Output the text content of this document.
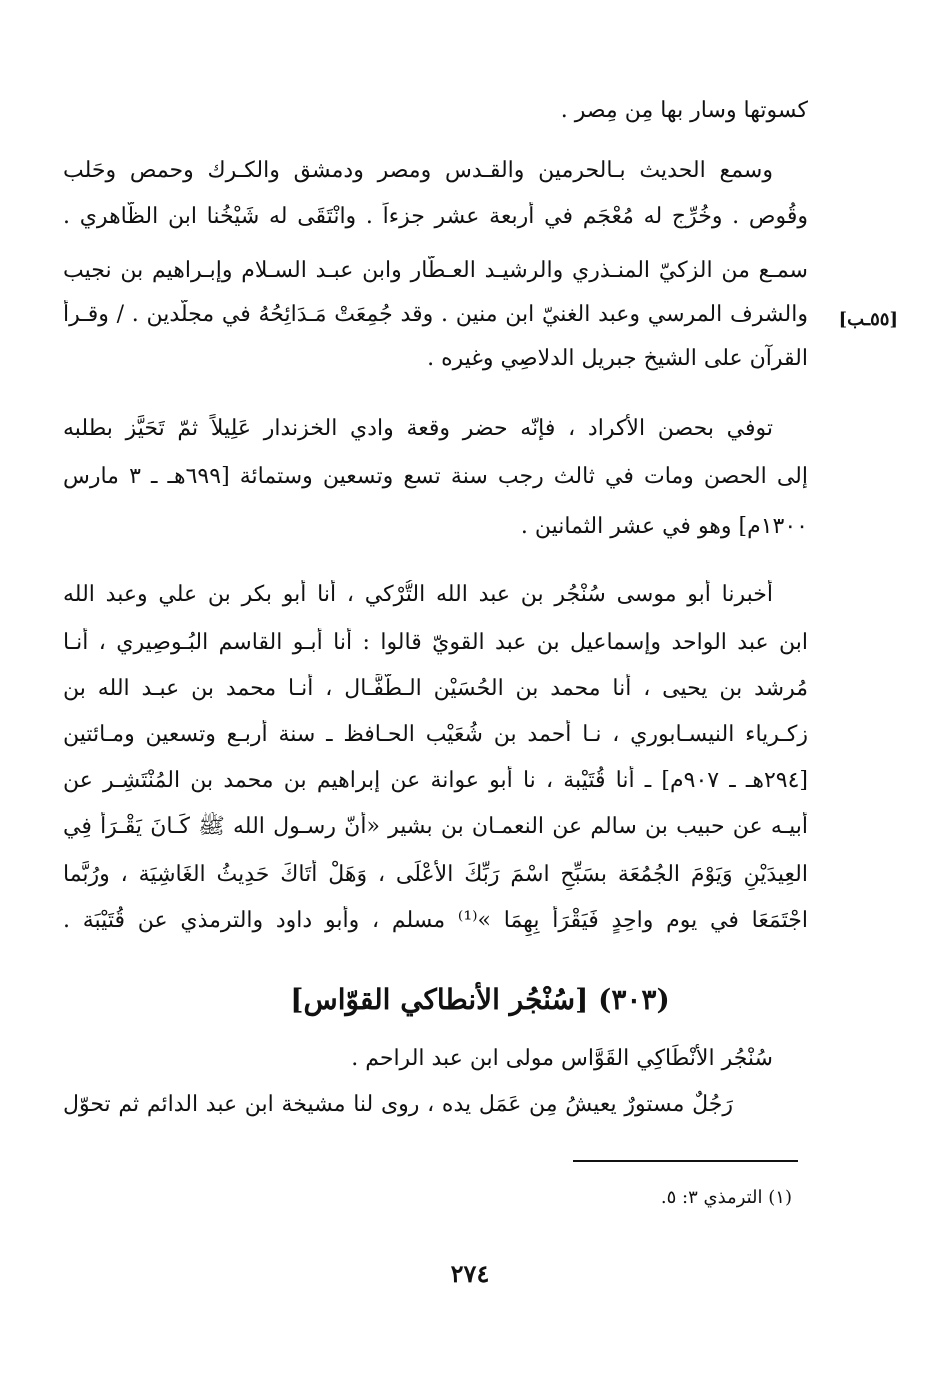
كسوتها وسار بها مِن مِصر .
وسمع الحديث بـالحرمين والقـدس ومصر ودمشق والكـرك وحمص وحَلب
وقُوص . وخُرِّج له مُعْجَم في أربعة عشر جزءاً . وانْتَقَى له شَيْخُنا ابن الظَّاهري .
سمـع من الزكيّ المنـذري والرشيـد العـطّار وابن عبـد السـلام وإبـراهيم بن نجيب
والشرف المرسي وعبد الغنيّ ابن منين . وقد جُمِعَتْ مَـدَائِحُهُ في مجلّدين . / وقـرأ
القرآن على الشيخ جبريل الدلاصِي وغيره .
[٥٥ـب]
توفي بحصن الأكراد ، فإنّه حضر وقعة وادي الخزندار عَلِيلاً ثمّ تَحَيَّز بطلبه
إلى الحصن ومات في ثالث رجب سنة تسع وتسعين وستمائة [٦٩٩هـ ـ ٣ مارس
١٣٠٠م] وهو في عشر الثمانين .
أخبرنا أبو موسى سُنْجُر بن عبد الله التُّرْكي ، أنا أبو بكر بن علي وعبد الله
ابن عبد الواحد وإسماعيل بن عبد القويّ قالوا : أنا أبـو القاسم البُـوصِيري ، أنـا
مُرشد بن يحيى ، أنا محمد بن الحُسَيْن الـطُّفَّـال ، أنـا محمد بن عبـد الله بن
زكـرياء النيسـابوري ، نـا أحمد بن شُعَيْب الحـافظ ـ سنة أربـع وتسعين ومـائتين
[٢٩٤هـ ـ ٩٠٧م] ـ أنا قُتَيْبة ، نا أبو عوانة عن إبراهيم بن محمد بن المُنْتَشِـر عن
أبيـه عن حبيب بن سالم عن النعمـان بن بشير «أنّ رسـول الله ﷺ كَـانَ يَقْـرَأُ فِي
العِيدَيْنِ وَيَوْمَ الجُمُعَة بسَبِّحِ اسْمَ رَبِّكَ الأَعْلَى ، وَهَلْ أَتَاكَ حَدِيثُ الغَاشِيَة ، ورُبَّما
اجْتَمَعَا في يوم واحِدٍ فَيَقْرَأُ بِهِمَا »⁽¹⁾ مسلم ، وأبو داود والترمذي عن قُتَيْبَة .
(٣٠٣) [سُنْجُر الأنطاكي القوّاس]
سُنْجُر الأَنْطَاكِي القَوَّاس مولى ابن عبد الراحم .
رَجُلٌ مستورٌ يعيشُ مِن عَمَل يده ، روى لنا مشيخة ابن عبد الدائم ثم تحوّل
(١) الترمذي ٣: ٥.
٢٧٤
